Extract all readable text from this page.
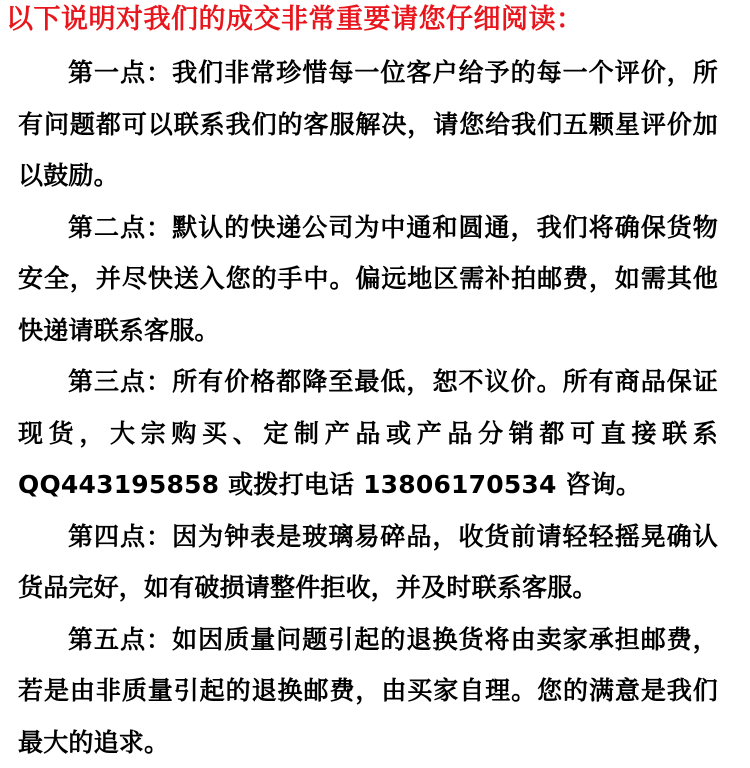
以下说明对我们的成交非常重要请您仔细阅读：

第一点：我们非常珍惜每一位客户给予的每一个评价，所有问题都可以联系我们的客服解决，请您给我们五颗星评价加以鼓励。

第二点：默认的快递公司为中通和圆通，我们将确保货物安全，并尽快送入您的手中。偏远地区需补拍邮费，如需其他快递请联系客服。

第三点：所有价格都降至最低，恕不议价。所有商品保证现货，大宗购买、定制产品或产品分销都可直接联系QQ443195858 或拨打电话 13806170534 咨询。

第四点：因为钟表是玻璃易碎品，收货前请轻轻摇晃确认货品完好，如有破损请整件拒收，并及时联系客服。

第五点：如因质量问题引起的退换货将由卖家承担邮费，若是由非质量引起的退换邮费，由买家自理。您的满意是我们最大的追求。
